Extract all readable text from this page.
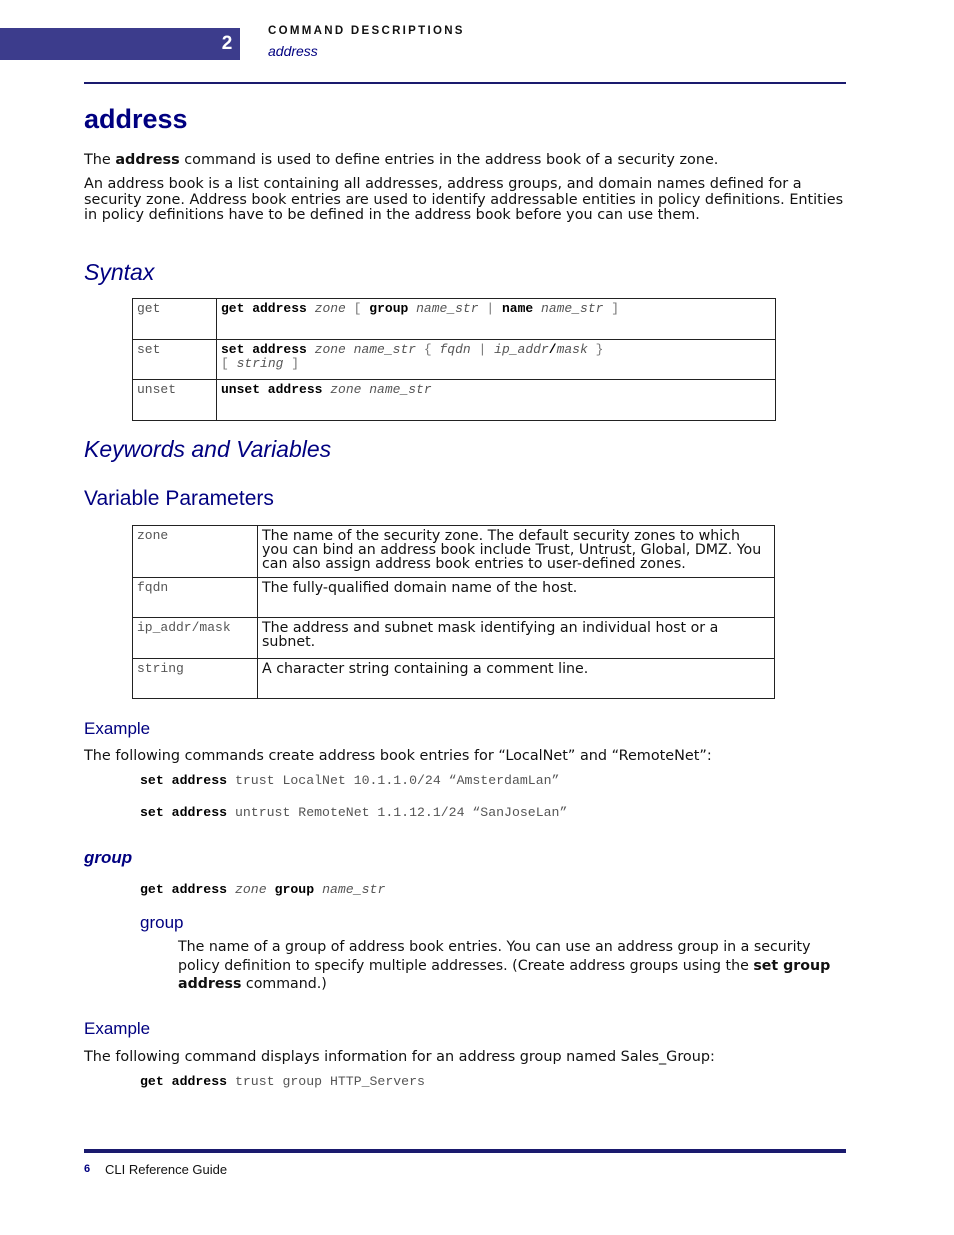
2
COMMAND DESCRIPTIONS
address
address
The address command is used to define entries in the address book of a security zone.
An address book is a list containing all addresses, address groups, and domain names defined for a security zone. Address book entries are used to identify addressable entities in policy definitions. Entities in policy definitions have to be defined in the address book before you can use them.
Syntax
get	get address zone [ group name_str | name name_str ]
set	set address zone name_str { fqdn | ip_addr/mask }
[ string ]
unset	unset address zone name_str
Keywords and Variables
Variable Parameters
zone	The name of the security zone. The default security zones to which you can bind an address book include Trust, Untrust, Global, DMZ. You can also assign address book entries to user-defined zones.
fqdn	The fully-qualified domain name of the host.
ip_addr/mask	The address and subnet mask identifying an individual host or a subnet.
string	A character string containing a comment line.
Example
The following commands create address book entries for “LocalNet” and “RemoteNet”:
set address trust LocalNet 10.1.1.0/24 “AmsterdamLan”
set address untrust RemoteNet 1.1.12.1/24 “SanJoseLan”
group
get address zone group name_str
group
The name of a group of address book entries. You can use an address group in a security policy definition to specify multiple addresses. (Create address groups using the set group address command.)
Example
The following command displays information for an address group named Sales_Group:
get address trust group HTTP_Servers
6 CLI Reference Guide
